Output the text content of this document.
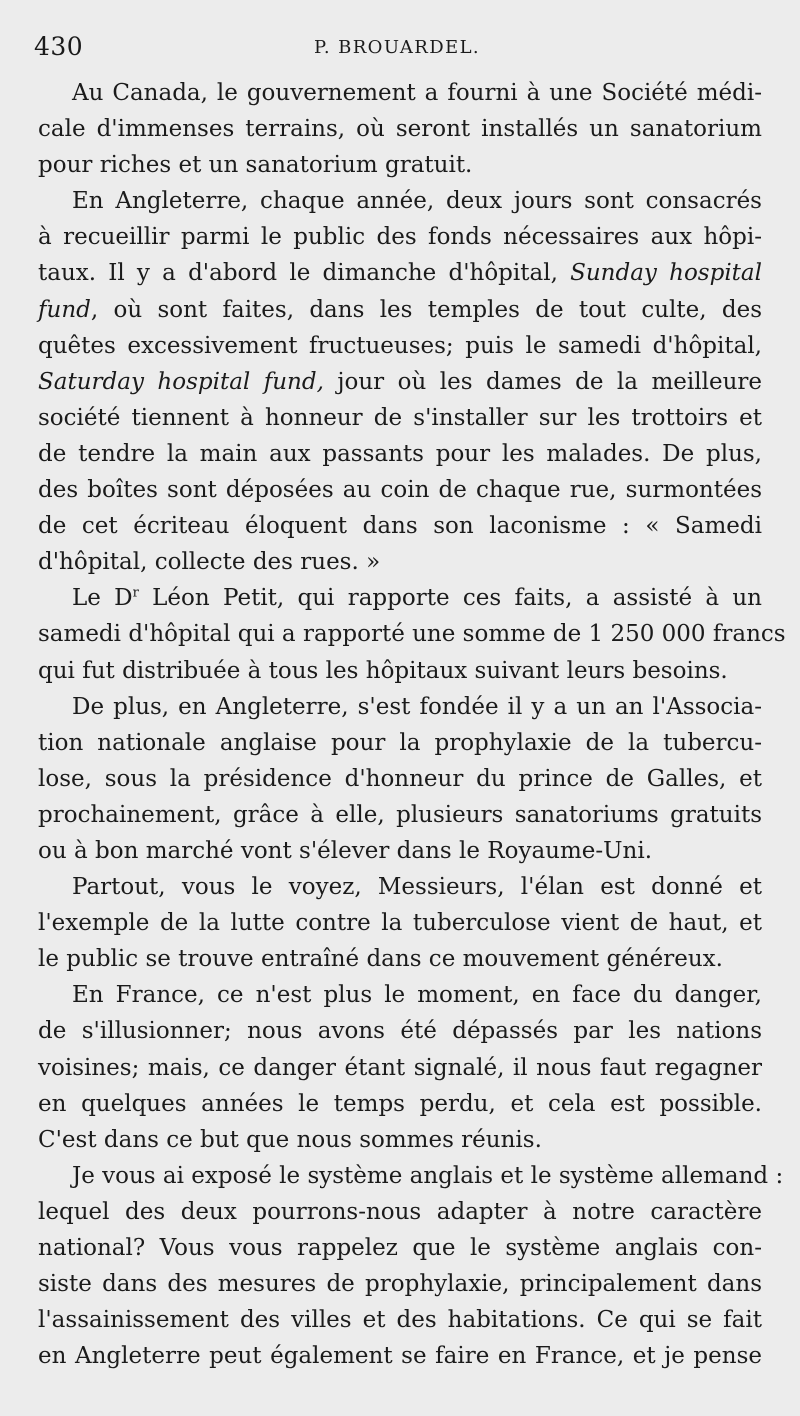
430	P. BROUARDEL.
Au Canada, le gouvernement a fourni à une Société médi-
cale d'immenses terrains, où seront installés un sanatorium
pour riches et un sanatorium gratuit.
En Angleterre, chaque année, deux jours sont consacrés
à recueillir parmi le public des fonds nécessaires aux hôpi-
taux. Il y a d'abord le dimanche d'hôpital, Sunday hospital
fund, où sont faites, dans les temples de tout culte, des
quêtes excessivement fructueuses; puis le samedi d'hôpital,
Saturday hospital fund, jour où les dames de la meilleure
société tiennent à honneur de s'installer sur les trottoirs et
de tendre la main aux passants pour les malades. De plus,
des boîtes sont déposées au coin de chaque rue, surmontées
de cet écriteau éloquent dans son laconisme : « Samedi
d'hôpital, collecte des rues. »
Le $D^r$ Léon Petit, qui rapporte ces faits, a assisté à un
samedi d'hôpital qui a rapporté une somme de 1 250 000 francs
qui fut distribuée à tous les hôpitaux suivant leurs besoins.
De plus, en Angleterre, s'est fondée il y a un an l'Associa-
tion nationale anglaise pour la prophylaxie de la tubercu-
lose, sous la présidence d'honneur du prince de Galles, et
prochainement, grâce à elle, plusieurs sanatoriums gratuits
ou à bon marché vont s'élever dans le Royaume-Uni.
Partout, vous le voyez, Messieurs, l'élan est donné et
l'exemple de la lutte contre la tuberculose vient de haut, et
le public se trouve entraîné dans ce mouvement généreux.
En France, ce n'est plus le moment, en face du danger,
de s'illusionner; nous avons été dépassés par les nations
voisines; mais, ce danger étant signalé, il nous faut regagner
en quelques années le temps perdu, et cela est possible.
C'est dans ce but que nous sommes réunis.
Je vous ai exposé le système anglais et le système allemand :
lequel des deux pourrons-nous adapter à notre caractère
national? Vous vous rappelez que le système anglais con-
siste dans des mesures de prophylaxie, principalement dans
l'assainissement des villes et des habitations. Ce qui se fait
en Angleterre peut également se faire en France, et je pense
